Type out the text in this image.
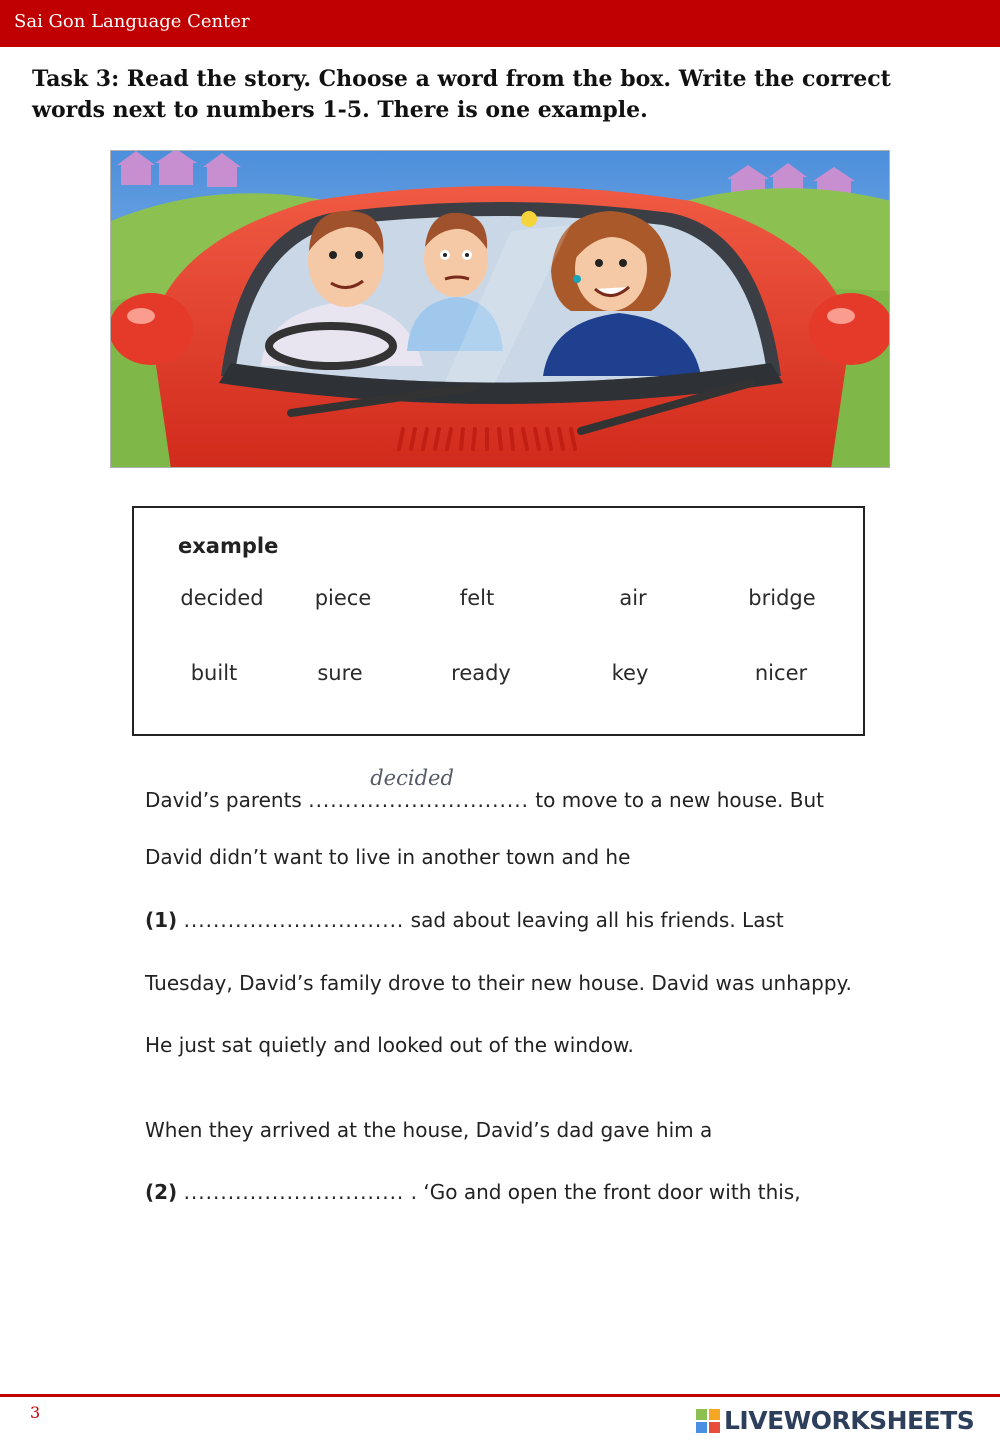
Sai Gon Language Center
Task 3: Read the story. Choose a word from the box. Write the correct words next to numbers 1-5. There is one example.
example
decided piece	felt	air	bridge
built	sure	ready	key	nicer
David’s parents ..............................
decided
to move to a new house. But
David didn’t want to live in another town and he
(1) .............................. sad about leaving all his friends. Last
Tuesday, David’s family drove to their new house. David was unhappy.
He just sat quietly and looked out of the window.
When they arrived at the house, David’s dad gave him a
(2) .............................. . ‘Go and open the front door with this,
3	LIVEWORKSHEETS
